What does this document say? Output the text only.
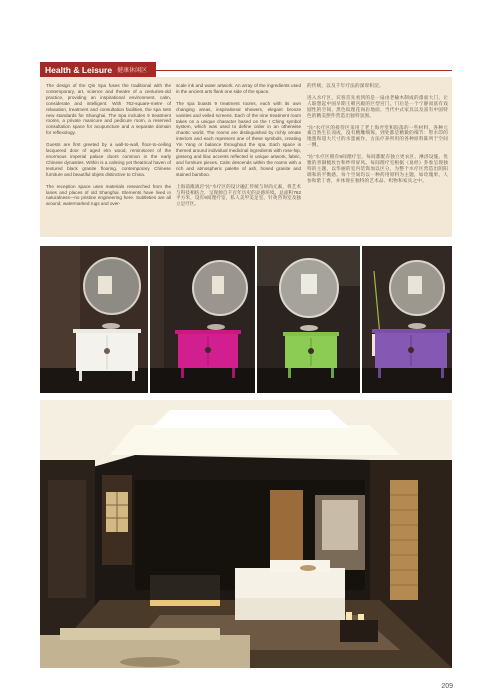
Health & Leisure 健康休闲区

The design of the Qin Spa fuses the traditional with the contemporary, art, science and theatre of a centuries-old practice, providing an inspirational environment, calm, considerate and intelligent. With 762-square-metre of relaxation, treatment and consultation facilities, the spa sets new standards for Shanghai. The Spa includes 9 treatment rooms, a private manicure and pedicure room, a reserved consultation space for acupuncture and a separate domain for reflexology.

Guests are first greeted by a wall-to-wall, floor-to-ceiling lacquered door of aged elm wood, reminiscent of the enormous imperial palace doors common in the early Chinese dynasties. Within is a calming yet theatrical haven of textured black granite flooring, contemporary Chinese furniture and beautiful objets distinctive to China.

The reception space uses materials researched from the lanes and places of old Shanghai. Elements have lived in naturalness—no pristine engineering here. Subtleties are all around; watermarked rugs and over-

scale ink and water artwork. An array of the ingredients used in the ancient arts flank one side of the space.

The spa boasts 9 treatment rooms, each with its own changing areas, inspirational showers, elegant bronze vanities and veiled screens. Each of the nine treatment room takes on a unique character based on the I Ching symbol system, which was used to define order in an otherwise chaotic world. The rooms are distinguished by richly ornate interiors and each represent one of these symbols, creating Yin Yang or balance throughout the spa. Each space is themed around individual medicinal ingredients with rose-hip, ginseng and lilac accents reflected in unique artwork, fabric, and furniture pieces. Calm descends within the rooms with a rich and atmospheric palette of ash, honed granite and stained bamboo.

上海前滩酒店“沁”水疗区的设计融汇传统与时尚元素，将艺术与科技相结合，呈现源自千百年历史的灵感环境。总面积762平方米，设有9间理疗室、私人美甲美足室、针灸咨询室及独立足疗区。

的传统，以及千年疗法的深厚积淀。

进入水疗区，宾客首先看到的是一扇由老榆木制成的漆面大门，让人联想起中国早期王朝宫殿的巨型宫门。门后是一个宁静而富有戏剧性的空间，黑色纹理花岗岩地面、当代中式家具以及富有中国特色的精美摆件营造出独特氛围。

“沁”水疗区的接待区采用了老上海弄堂和院落的一些材料，各种元素自然生长而成，没有精雕细琢。到处都是精微的细节：带水印的地毯和超大尺寸的水墨画作，古法疗养所用的各种原料陈列于空间一侧。

“沁”水疗区拥有9间理疗室，每间都配有独立更衣区、淋浴设施、优雅的青铜梳妆台和纱帘屏风。每间理疗室根据《易经》卦象呈现独特的主题，以华丽的室内装饰加以区分，为整个水疗区营造出阴阳调和的平衡感。每个空间均以一种药用原料为主题，如玫瑰果、人参和紫丁香，并体现在独特的艺术品、织物和家具之中。

209
